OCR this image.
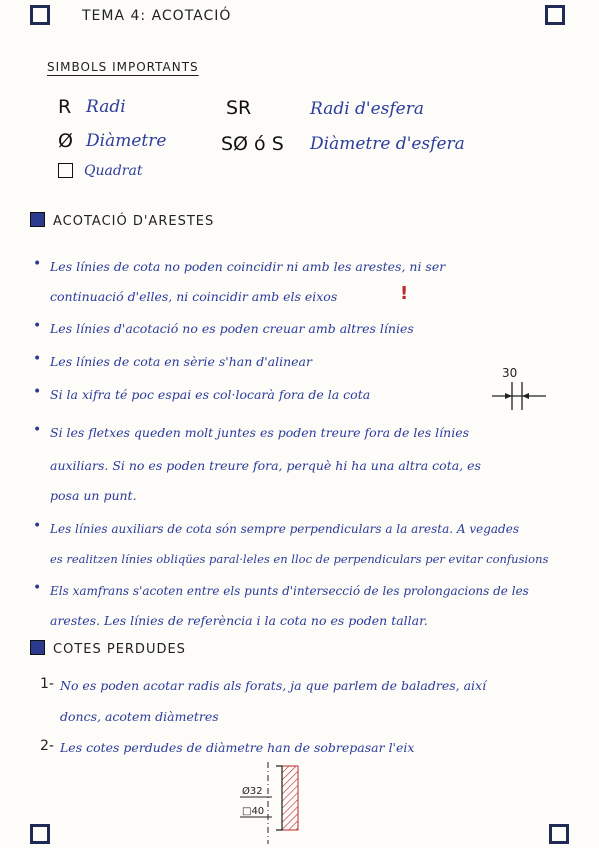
TEMA 4: ACOTACIÓ
SIMBOLS IMPORTANTS
R Radi
Ø Diàmetre
Quadrat
SR	Radi d'esfera
SØ ó S Diàmetre d'esfera
ACOTACIÓ D'ARESTES
• Les línies de cota no poden coincidir ni amb les arestes, ni ser
continuació d'elles, ni coincidir amb els eixos	!
• Les línies d'acotació no es poden creuar amb altres línies
• Les línies de cota en sèrie s'han d'alinear
• Si la xifra té poc espai es col·locarà fora de la cota
30
• Si les fletxes queden molt juntes es poden treure fora de les línies
auxiliars. Si no es poden treure fora, perquè hi ha una altra cota, es
posa un punt.
• Les línies auxiliars de cota són sempre perpendiculars a la aresta. A vegades
es realitzen línies obliqües paral·leles en lloc de perpendiculars per evitar confusions
• Els xamfrans s'acoten entre els punts d'intersecció de les prolongacions de les
arestes. Les línies de referència i la cota no es poden tallar.
COTES PERDUDES
1- No es poden acotar radis als forats, ja que parlem de baladres, així
doncs, acotem diàmetres
2- Les cotes perdudes de diàmetre han de sobrepasar l'eix
Ø32
□40
